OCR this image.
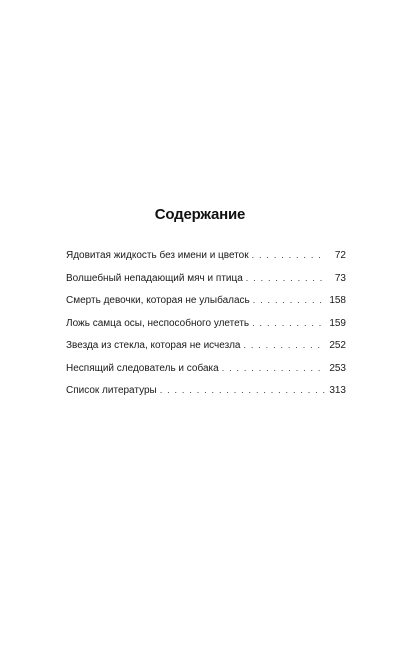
Содержание
Ядовитая жидкость без имени и цветок . . .	72
Волшебный непадающий мяч и птица . . .	73
Смерть девочки, которая не улыбалась . . .	158
Ложь самца осы, неспособного улететь . . .	159
Звезда из стекла, которая не исчезла . . .	252
Неспящий следователь и собака . . .	253
Список литературы . . .	313
